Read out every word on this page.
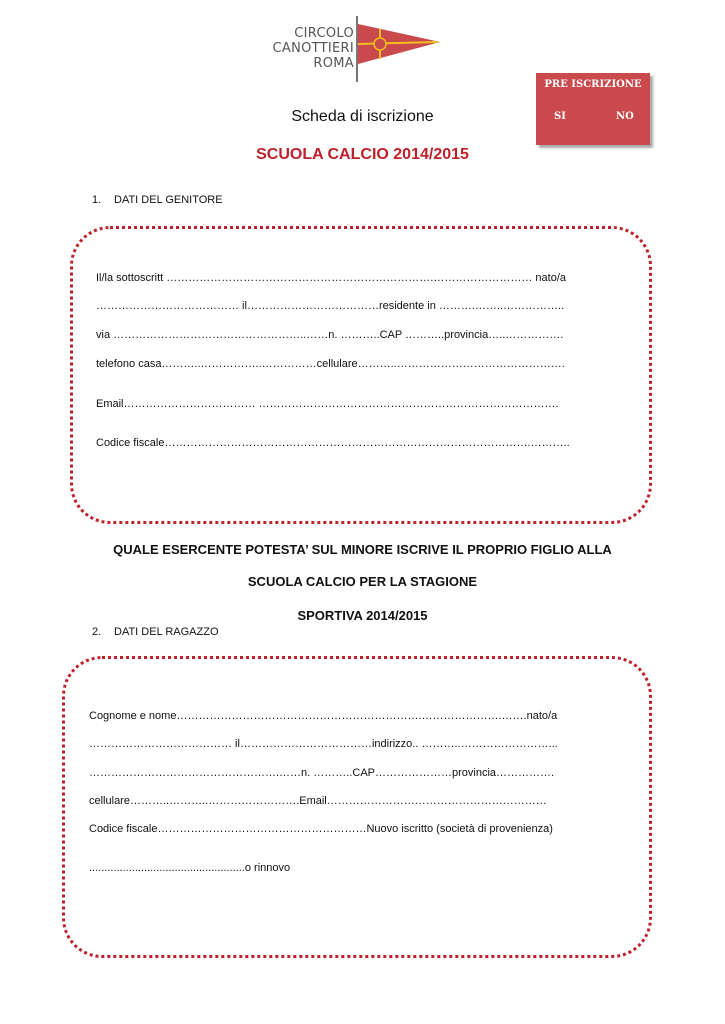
CIRCOLO
CANOTTIERI
ROMA
PRE ISCRIZIONE
SI	NO
Scheda di iscrizione
SCUOLA CALCIO 2014/2015
1. DATI DEL GENITORE
Il/la sottoscritt ……………………………………………………………….……………………… nato/a
………………………………… il………………………………residente in ……….……..……………..
via ……………………………………………..……n. ………..CAP ………..provincia…..…………….
telefono casa………..……………..……………cellulare………..……………………………………….
Email……………………………… ……………………………………………………………………….
Codice fiscale……………………………………………………………………………………….………..
QUALE ESERCENTE POTESTA’ SUL MINORE ISCRIVE IL PROPRIO FIGLIO ALLA
SCUOLA CALCIO PER LA STAGIONE
SPORTIVA 2014/2015
2. DATI DEL RAGAZZO
Cognome e nome………………………………………………………….………………….…….nato/a
………………………………… il………………………………indirizzo.. ………..……………………...
…………………………………………….……n. ………..CAP…………………provincia…………….
cellulare………..………..…………………….Email……………………………………………………
Codice fiscale…………………………………………………Nuovo iscritto (società di provenienza)
...................................................o rinnovo
